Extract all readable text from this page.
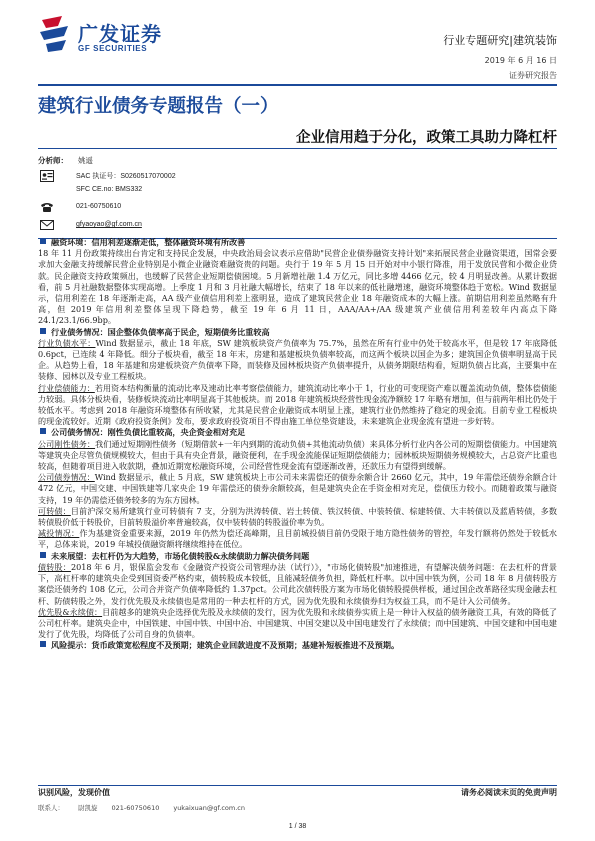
广发证券
GF SECURITIES
行业专题研究|建筑装饰
2019 年 6 月 16 日
证券研究报告
建筑行业债务专题报告（一）
企业信用趋于分化，政策工具助力降杠杆
分析师： 姚遥
SAC 执证号：S0260517070002
SFC CE.no: BMS332
021-60750610
gfyaoyao@gf.com.cn

融资环境：信用利差逐渐走低，整体融资环境有所改善

18 年 11 月份政策持续出台肯定和支持民企发展，中央政治局会议表示应借助"民营企业债券融资支持计划"来拓展民营企业融资渠道，国常会要求加大金融支持缓解民营企业特别是小微企业融资难融资贵的问题。央行于 19 年 5 月 15 日开始对中小银行降准，用于发放民营和小微企业贷款。民企融资支持政策频出，也缓解了民营企业短期偿债困境。5 月新增社融 1.4 万亿元，同比多增 4466 亿元，较 4 月明显改善。从累计数据看，前 5 月社融数据整体实现高增。上季度 1 月和 3 月社融大幅增长，结束了 18 年以来的低社融增速，融资环境整体趋于宽松。Wind 数据显示，信用利差在 18 年逐渐走高，AA 级产业债信用利差上涨明显，造成了建筑民营企业 18 年融资成本的大幅上涨。前期信用利差虽然略有升高，但 2019 年信用利差整体呈现下降趋势，截至 19 年 6 月 11 日，AAA/AA+/AA 级建筑产业债信用利差较年内高点下降 24.1/23.1/66.9bp。

行业债务情况：国企整体负债率高于民企，短期债务比重较高

行业负债水平：Wind 数据显示，截止 18 年底，SW 建筑板块资产负债率为 75.7%，虽然在所有行业中仍处于较高水平，但是较 17 年底降低 0.6pct，已连续 4 年降低。细分子板块看，截至 18 年末，房建和基建板块负债率较高，而这两个板块以国企为多；建筑国企负债率明显高于民企。从趋势上看，18 年基建和房建板块资产负债率下降，而装修及园林板块资产负债率提升，从债务期限结构看，短期负债占比高，主要集中在装修、园林以及专业工程板块。

行业偿债能力：若用资本结构衡量的流动比率及速动比率考察偿债能力，建筑流动比率小于 1，行业的可变现资产难以覆盖流动负债，整体偿债能力较弱。具体分板块看，装修板块流动比率明显高于其他板块。而 2018 年建筑板块经营性现金流净额较 17 年略有增加，但与前两年相比仍处于较低水平。考虑到 2018 年融资环境整体有所收紧，尤其是民营企业融资成本明显上涨，建筑行业仍然维持了稳定的现金流。目前专业工程板块的现金流较好。近期《政府投资条例》发布，要求政府投资项目不得由施工单位垫资建设，未来建筑企业现金流有望进一步好转。

公司债务情况：刚性负债比重较高，央企资金相对充足

公司刚性债务：我们通过短期刚性债务（短期借款+一年内到期的流动负债+其他流动负债）来具体分析行业内各公司的短期偿债能力。中国建筑等建筑央企尽管负债规模较大，但由于具有央企背景，融资便利，在手现金流能保证短期偿债能力；园林板块短期债务规模较大，占总资产比重也较高，但随着项目进入收款期，叠加近期宽松融资环境，公司经营性现金流有望逐渐改善，还款压力有望得到缓解。

公司债券情况：Wind 数据显示，截止 5 月底，SW 建筑板块上市公司未来需偿还的债券余额合计 2660 亿元，其中，19 年需偿还债券余额合计 472 亿元，中国交建、中国铁建等几家央企 19 年需偿还的债券余额较高，但是建筑央企在手资金相对充足，偿债压力较小。而随着政策与融资支持，19 年仍需偿还债务较多的为东方园林。

可转债：目前沪深交易所建筑行业可转债有 7 支，分别为洪涛转债、岩土转债、铁汉转债、中装转债、棕建转债、大丰转债以及蓝盾转债，多数转债股价低于转股价，目前转股溢价率普遍较高，仅中装转债的转股溢价率为负。

减投情况：作为基建资金重要来源，2019 年仍然为偿还高峰期，且目前城投债目前仍受限于地方隐性债务的管控，年发行额将仍然处于较低水平，总体来说，2019 年城投债融资额将继续维持在低位。

未来展望：去杠杆仍为大趋势，市场化债转股&永续债助力解决债务问题

债转股：2018 年 6 月，银保监会发布《金融资产投资公司管理办法（试行）》，"市场化债转股"加速推进，有望解决债务问题：在去杠杆的背景下，高杠杆率的建筑央企受到国资委严格约束，债转股成本较低，且能减轻债务负担，降低杠杆率。以中国中铁为例，公司 18 年 8 月债转股方案偿还债务约 108 亿元，公司合并资产负债率降低约 1.37pct。公司此次债转股方案为市场化债转股提供样板，通过国企改革路径实现金融去杠杆、防债转股之外，发行优先股及永续债也是常用的一种去杠杆的方式，因为优先股和永续债券归为权益工具，而不是计入公司债务。

优先股&永续债：目前越多的建筑央企选择优先股及永续债的发行，因为优先股和永续债券实质上是一种计入权益的债务融资工具，有效的降低了公司杠杆率。建筑央企中，中国铁建、中国中铁、中国中冶、中国建筑、中国交建以及中国电建发行了永续债；而中国建筑、中国交建和中国电建发行了优先股，均降低了公司自身的负债率。

风险提示：货币政策宽松程度不及预期；建筑企业回款进度不及预期；基建补短板推进不及预期。

识别风险，发现价值	请务必阅读末页的免责声明
联系人： 尉凯旋 021-60750610 yukaixuan@gf.com.cn
1 / 38
